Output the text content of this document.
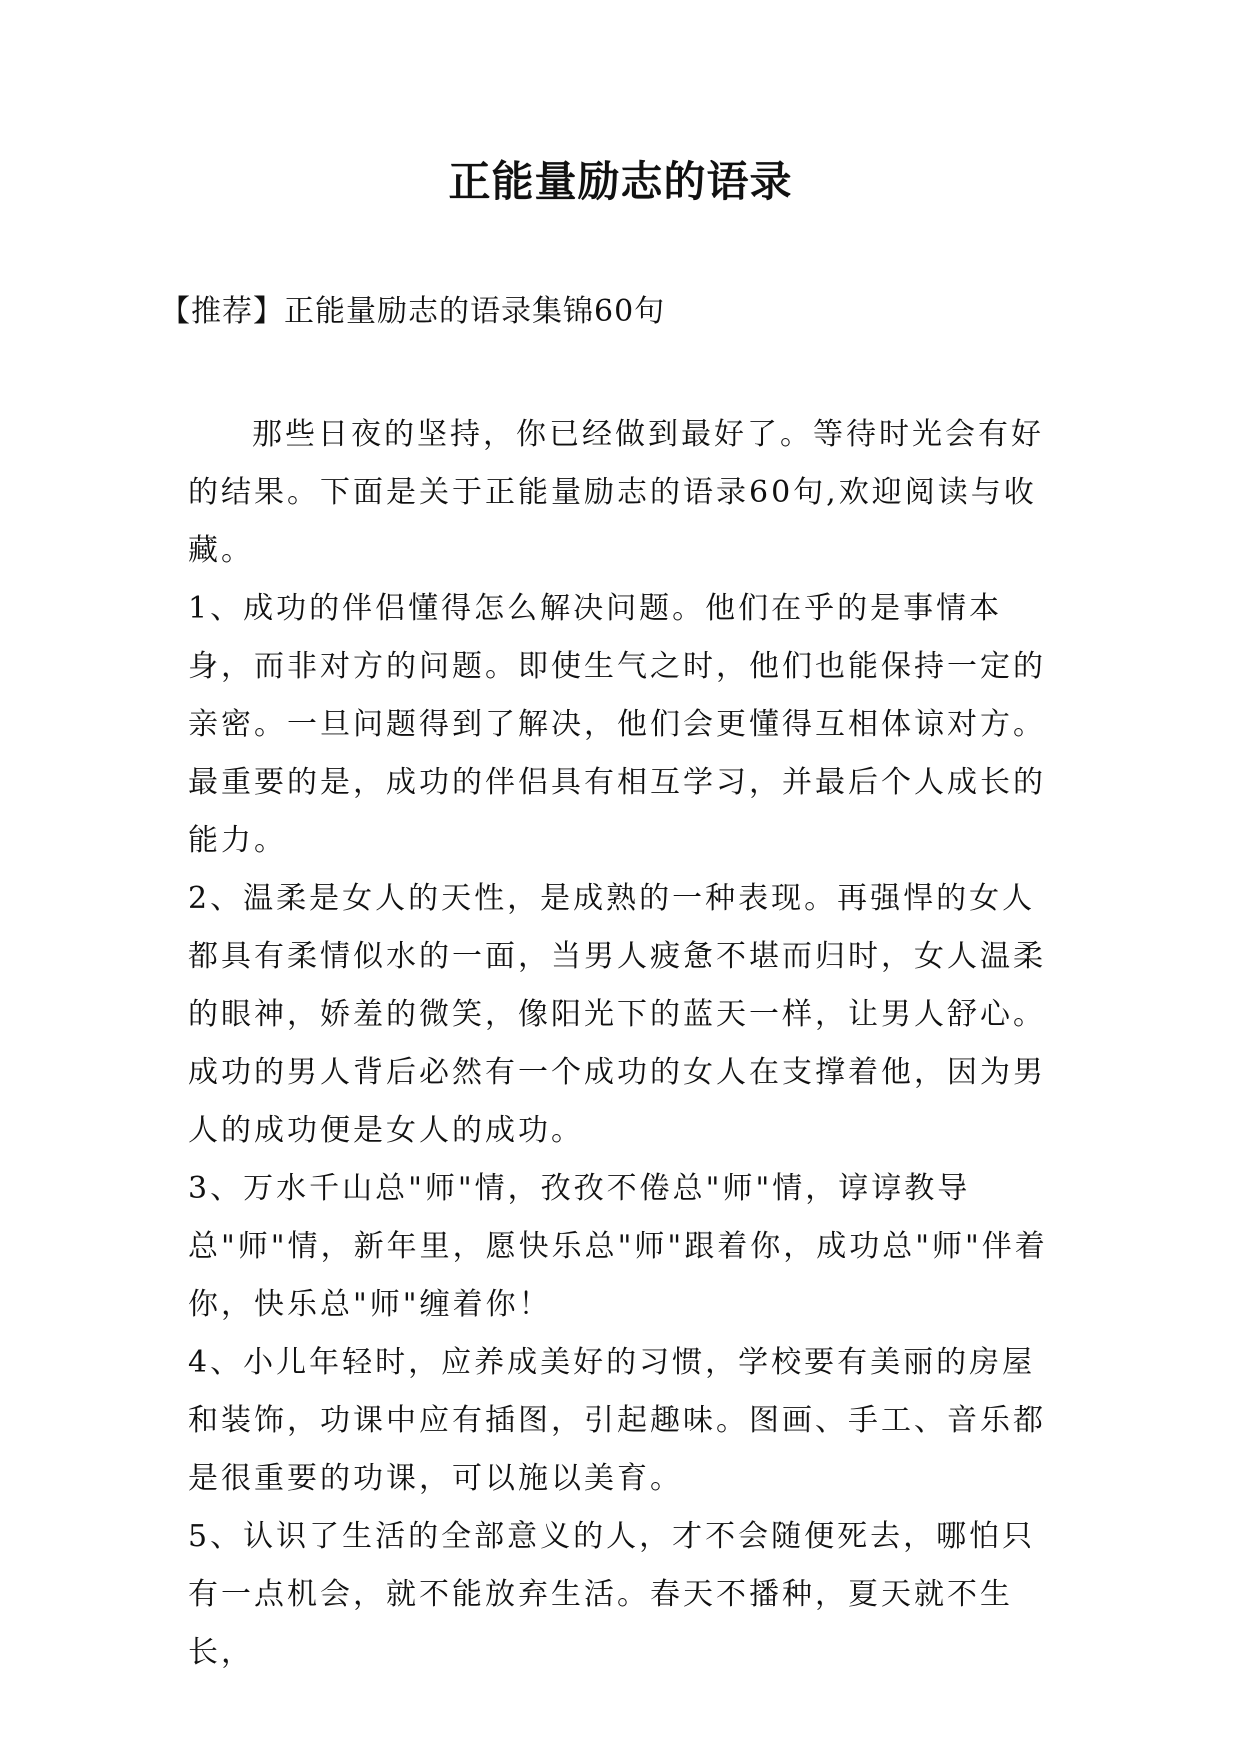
正能量励志的语录
【推荐】正能量励志的语录集锦60句

那些日夜的坚持，你已经做到最好了。等待时光会有好的结果。下面是关于正能量励志的语录60句,欢迎阅读与收藏。

1、成功的伴侣懂得怎么解决问题。他们在乎的是事情本身，而非对方的问题。即使生气之时，他们也能保持一定的亲密。一旦问题得到了解决，他们会更懂得互相体谅对方。最重要的是，成功的伴侣具有相互学习，并最后个人成长的能力。

2、温柔是女人的天性，是成熟的一种表现。再强悍的女人都具有柔情似水的一面，当男人疲惫不堪而归时，女人温柔的眼神，娇羞的微笑，像阳光下的蓝天一样，让男人舒心。成功的男人背后必然有一个成功的女人在支撑着他，因为男人的成功便是女人的成功。

3、万水千山总"师"情，孜孜不倦总"师"情，谆谆教导总"师"情，新年里，愿快乐总"师"跟着你，成功总"师"伴着你，快乐总"师"缠着你！

4、小儿年轻时，应养成美好的习惯，学校要有美丽的房屋和装饰，功课中应有插图，引起趣味。图画、手工、音乐都是很重要的功课，可以施以美育。

5、认识了生活的全部意义的人，才不会随便死去，哪怕只有一点机会，就不能放弃生活。春天不播种，夏天就不生长，
